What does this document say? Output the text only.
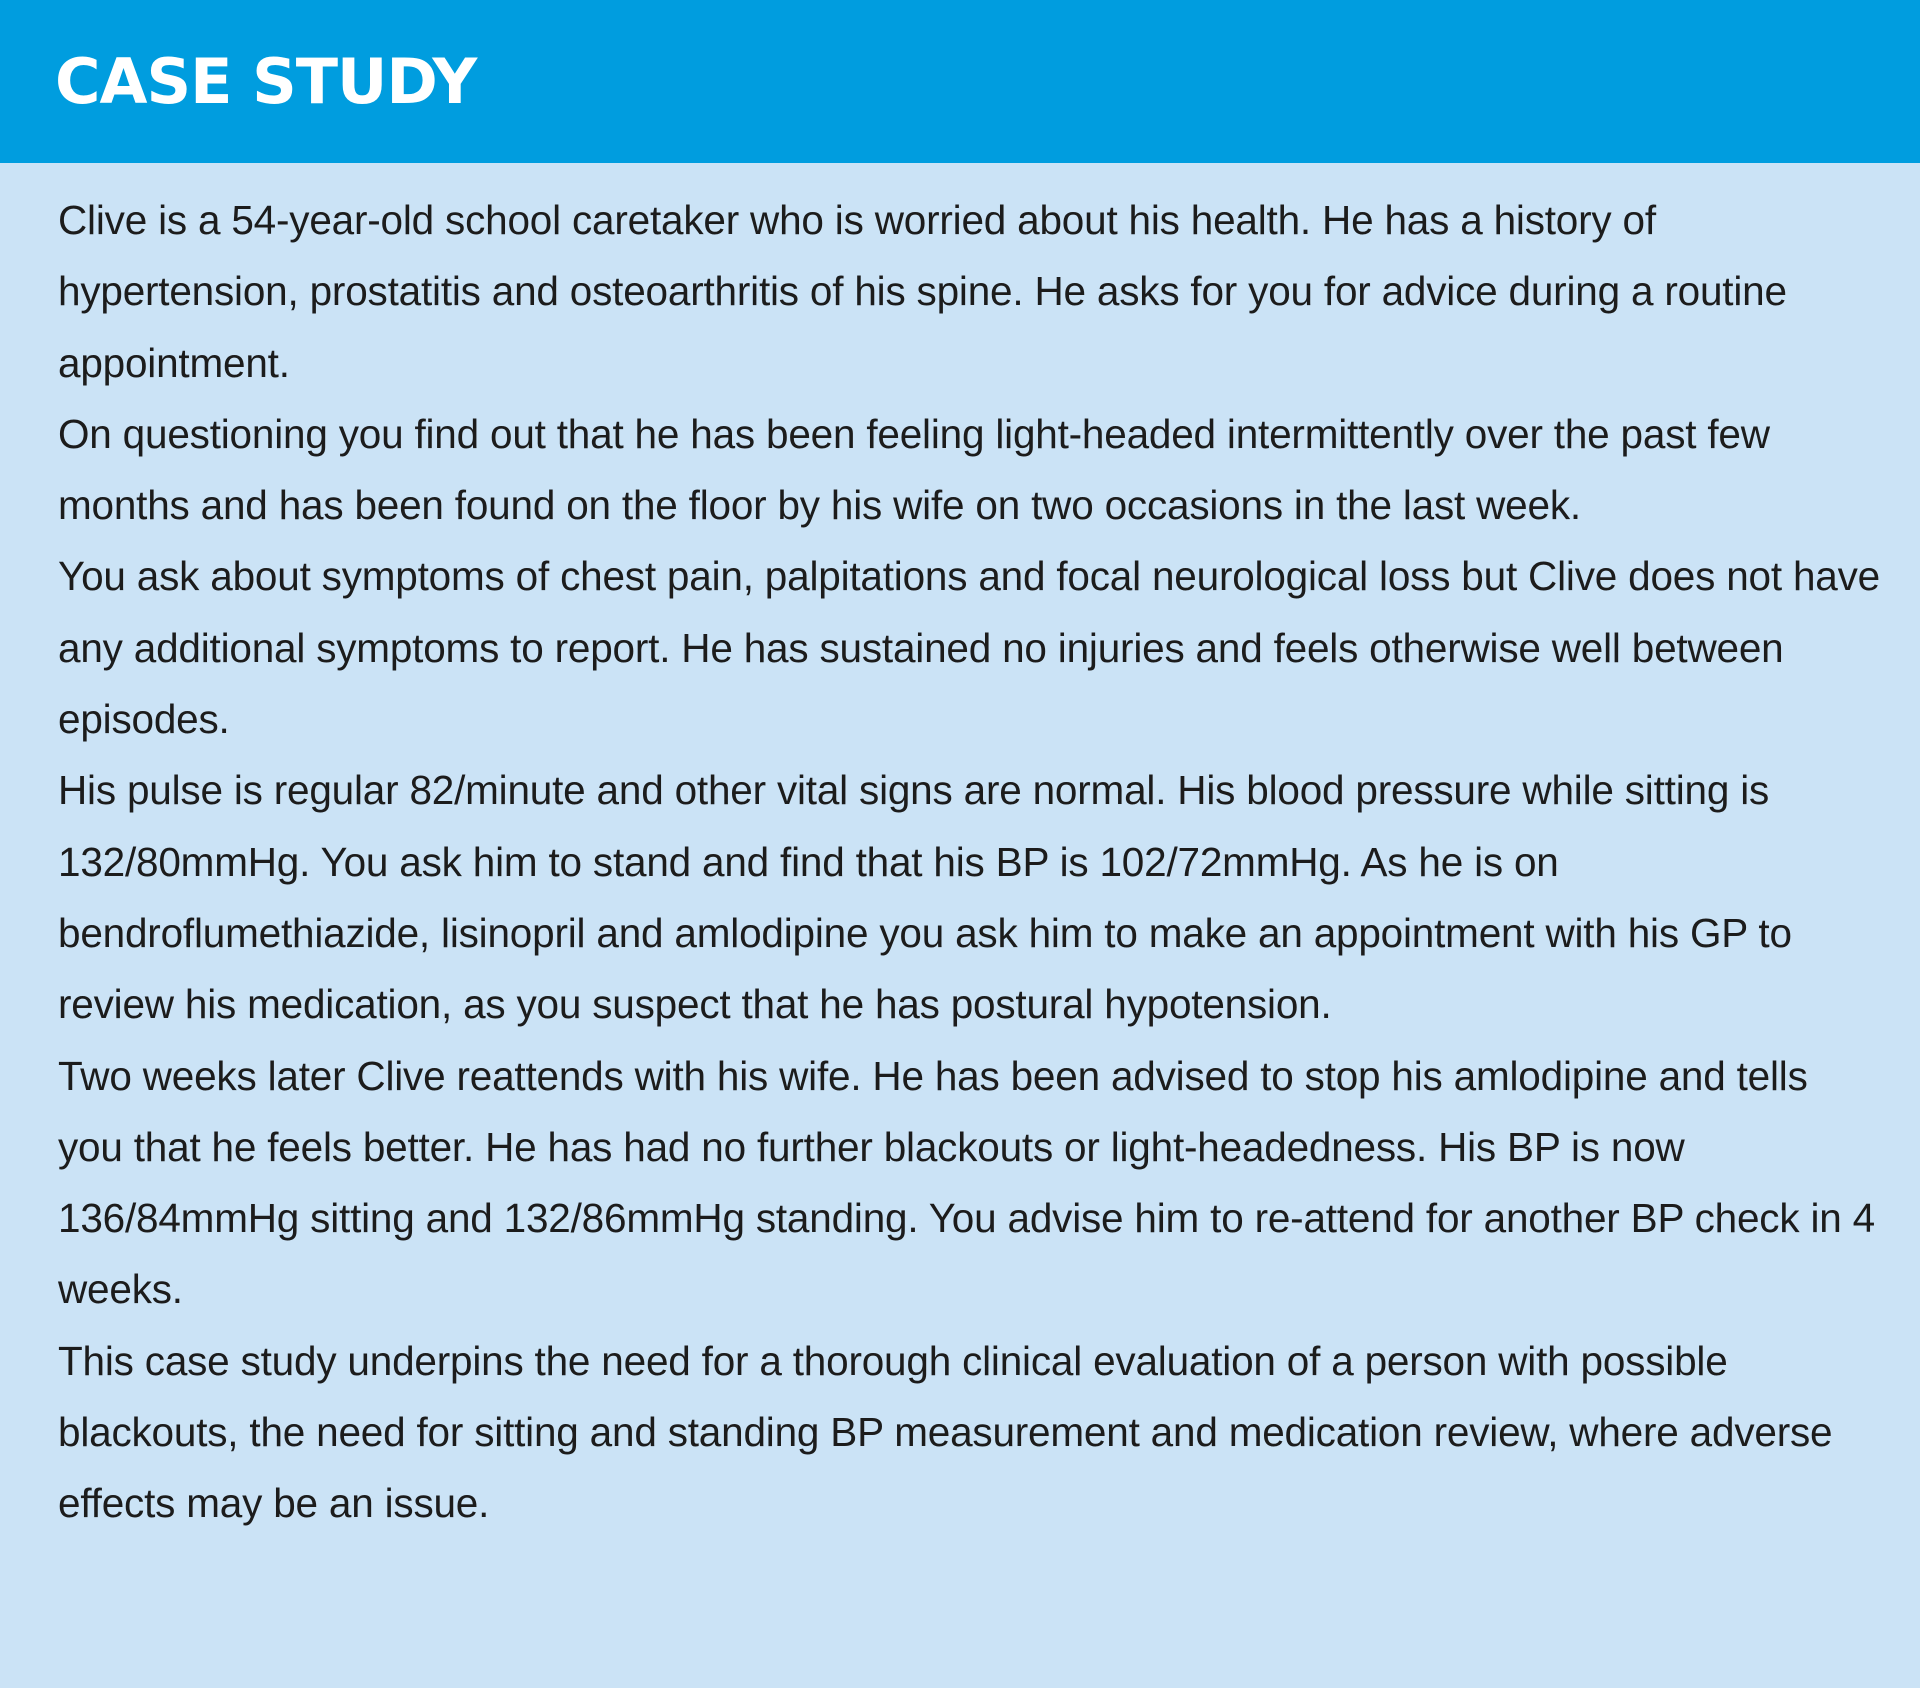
CASE STUDY

Clive is a 54-year-old school caretaker who is worried about his health. He has a history of hypertension, prostatitis and osteoarthritis of his spine. He asks for you for advice during a routine appointment.

On questioning you find out that he has been feeling light-headed intermittently over the past few months and has been found on the floor by his wife on two occasions in the last week.

You ask about symptoms of chest pain, palpitations and focal neurological loss but Clive does not have any additional symptoms to report. He has sustained no injuries and feels otherwise well between episodes.

His pulse is regular 82/minute and other vital signs are normal. His blood pressure while sitting is 132/80mmHg. You ask him to stand and find that his BP is 102/72mmHg. As he is on bendroflumethiazide, lisinopril and amlodipine you ask him to make an appointment with his GP to review his medication, as you suspect that he has postural hypotension.

Two weeks later Clive reattends with his wife. He has been advised to stop his amlodipine and tells you that he feels better. He has had no further blackouts or light-headedness. His BP is now 136/84mmHg sitting and 132/86mmHg standing. You advise him to re-attend for another BP check in 4 weeks.

This case study underpins the need for a thorough clinical evaluation of a person with possible blackouts, the need for sitting and standing BP measurement and medication review, where adverse effects may be an issue.
